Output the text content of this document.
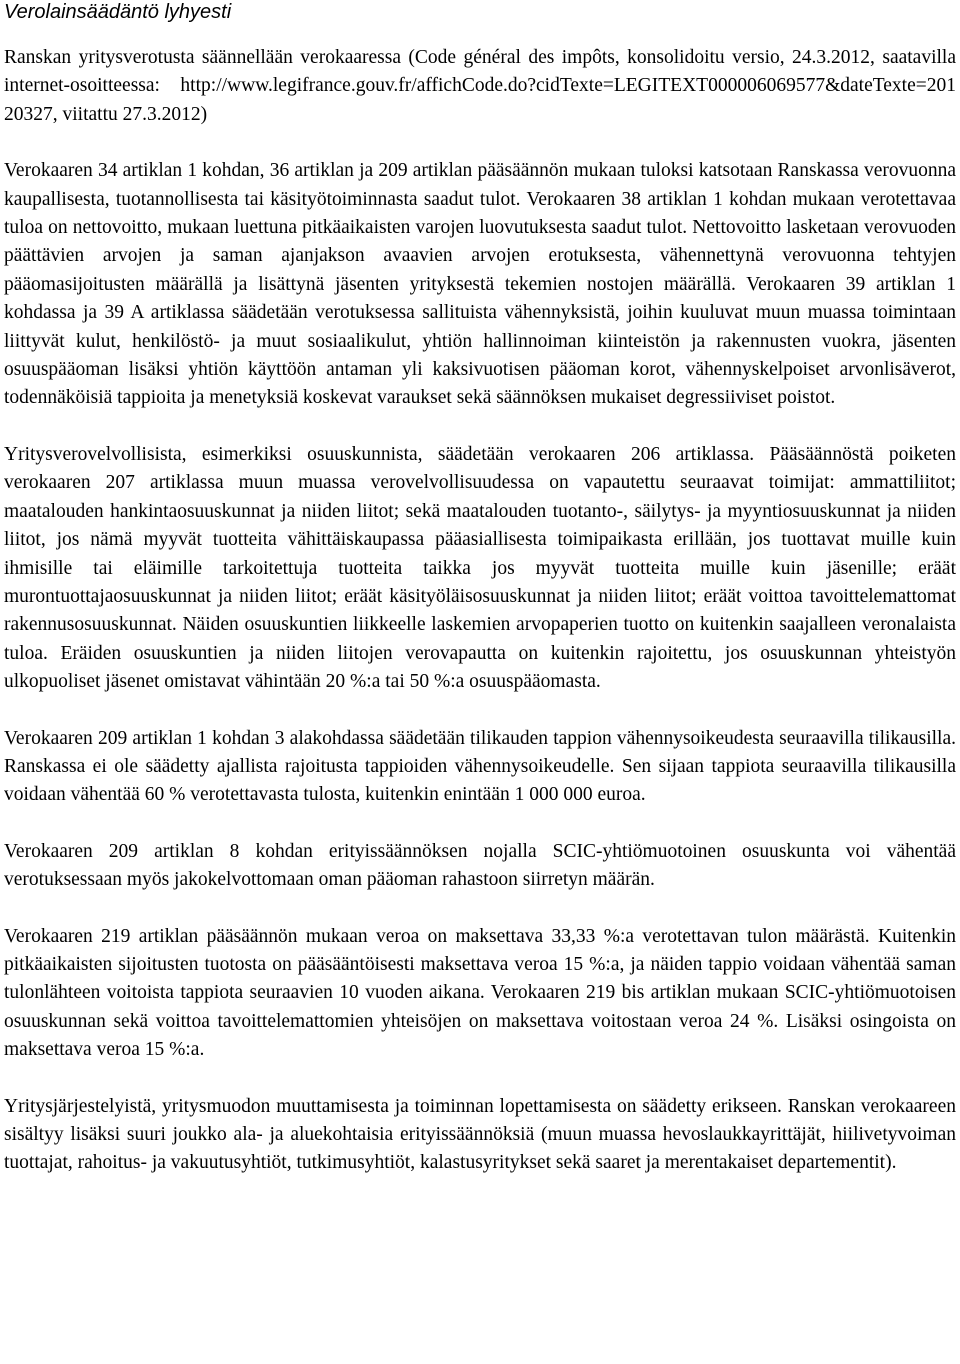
Verolainsäädäntö lyhyesti

Ranskan yritysverotusta säännellään verokaaressa (Code général des impôts, konsolidoitu versio, 24.3.2012, saatavilla internet-osoitteessa: http://www.legifrance.gouv.fr/affichCode.do?cidTexte=LEGITEXT000006069577&dateTexte=201 20327, viitattu 27.3.2012)

Verokaaren 34 artiklan 1 kohdan, 36 artiklan ja 209 artiklan pääsäännön mukaan tuloksi katsotaan Ranskassa verovuonna kaupallisesta, tuotannollisesta tai käsityötoiminnasta saadut tulot. Verokaaren 38 artiklan 1 kohdan mukaan verotettavaa tuloa on nettovoitto, mukaan luettuna pitkäaikaisten varojen luovutuksesta saadut tulot. Nettovoitto lasketaan verovuoden päättävien arvojen ja saman ajanjakson avaavien arvojen erotuksesta, vähennettynä verovuonna tehtyjen pääomasijoitusten määrällä ja lisättynä jäsenten yrityksestä tekemien nostojen määrällä. Verokaaren 39 artiklan 1 kohdassa ja 39 A artiklassa säädetään verotuksessa sallituista vähennyksistä, joihin kuuluvat muun muassa toimintaan liittyvät kulut, henkilöstö- ja muut sosiaalikulut, yhtiön hallinnoiman kiinteistön ja rakennusten vuokra, jäsenten osuuspääoman lisäksi yhtiön käyttöön antaman yli kaksivuotisen pääoman korot, vähennyskelpoiset arvonlisäverot, todennäköisiä tappioita ja menetyksiä koskevat varaukset sekä säännöksen mukaiset degressiiviset poistot.

Yritysverovelvollisista, esimerkiksi osuuskunnista, säädetään verokaaren 206 artiklassa. Pääsäännöstä poiketen verokaaren 207 artiklassa muun muassa verovelvollisuudessa on vapautettu seuraavat toimijat: ammattiliitot; maatalouden hankintaosuuskunnat ja niiden liitot; sekä maatalouden tuotanto-, säilytys- ja myyntiosuuskunnat ja niiden liitot, jos nämä myyvät tuotteita vähittäiskaupassa pääasiallisesta toimipaikasta erillään, jos tuottavat muille kuin ihmisille tai eläimille tarkoitettuja tuotteita taikka jos myyvät tuotteita muille kuin jäsenille; eräät murontuottajaosuuskunnat ja niiden liitot; eräät käsityöläisosuuskunnat ja niiden liitot; eräät voittoa tavoittelemattomat rakennusosuuskunnat. Näiden osuuskuntien liikkeelle laskemien arvopaperien tuotto on kuitenkin saajalleen veronalaista tuloa. Eräiden osuuskuntien ja niiden liitojen verovapautta on kuitenkin rajoitettu, jos osuuskunnan yhteistyön ulkopuoliset jäsenet omistavat vähintään 20 %:a tai 50 %:a osuuspääomasta.

Verokaaren 209 artiklan 1 kohdan 3 alakohdassa säädetään tilikauden tappion vähennysoikeudesta seuraavilla tilikausilla. Ranskassa ei ole säädetty ajallista rajoitusta tappioiden vähennysoikeudelle. Sen sijaan tappiota seuraavilla tilikausilla voidaan vähentää 60 % verotettavasta tulosta, kuitenkin enintään 1 000 000 euroa.

Verokaaren 209 artiklan 8 kohdan erityissäännöksen nojalla SCIC-yhtiömuotoinen osuuskunta voi vähentää verotuksessaan myös jakokelvottomaan oman pääoman rahastoon siirretyn määrän.

Verokaaren 219 artiklan pääsäännön mukaan veroa on maksettava 33,33 %:a verotettavan tulon määrästä. Kuitenkin pitkäaikaisten sijoitusten tuotosta on pääsääntöisesti maksettava veroa 15 %:a, ja näiden tappio voidaan vähentää saman tulonlähteen voitoista tappiota seuraavien 10 vuoden aikana. Verokaaren 219 bis artiklan mukaan SCIC-yhtiömuotoisen osuuskunnan sekä voittoa tavoittelemattomien yhteisöjen on maksettava voitostaan veroa 24 %. Lisäksi osingoista on maksettava veroa 15 %:a.

Yritysjärjestelyistä, yritysmuodon muuttamisesta ja toiminnan lopettamisesta on säädetty erikseen. Ranskan verokaareen sisältyy lisäksi suuri joukko ala- ja aluekohtaisia erityissäännöksiä (muun muassa hevoslaukkayrittäjät, hiilivetyvoiman tuottajat, rahoitus- ja vakuutusyhtiöt, tutkimusyhtiöt, kalastusyritykset sekä saaret ja merentakaiset departementit).
